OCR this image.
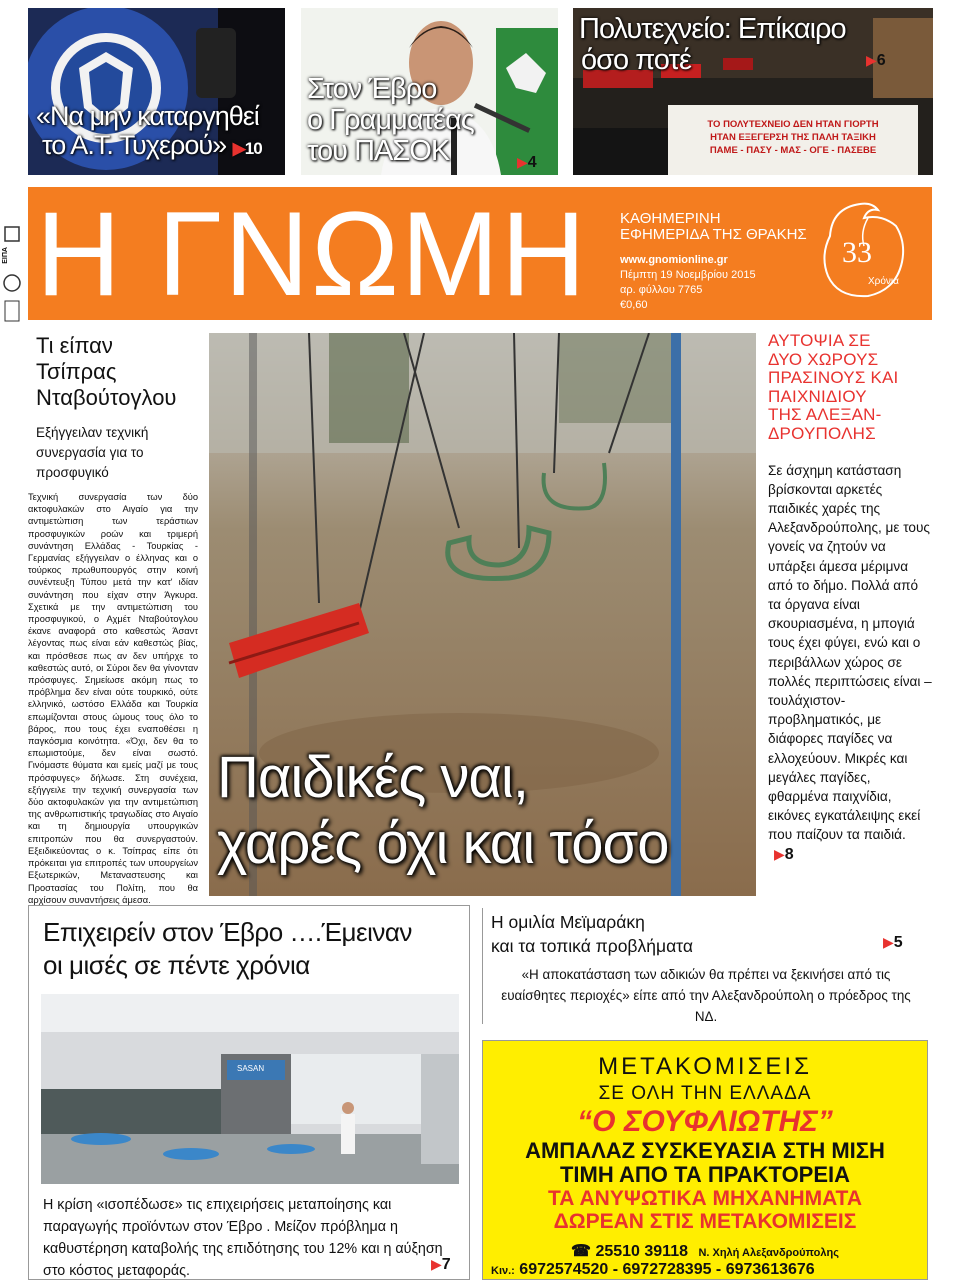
«Να μην καταργηθεί
το Α.Τ. Τυχερού» ▶10
Στον Έβρο
ο Γραμματέας
του ΠΑΣΟΚ	▶4
ΤΟ ΠΟΛΥΤΕΧΝΕΙΟ ΔΕΝ ΗΤΑΝ ΓΙΟΡΤΗ
ΗΤΑΝ ΕΞΕΓΕΡΣΗ ΤΗΣ ΠΑΛΗ ΤΑΞΙΚΗ
ΠΑΜΕ - ΠΑΣΥ - ΜΑΣ - ΟΓΕ - ΠΑΣΕΒΕ
Πολυτεχνείο: Επίκαιρο
όσο ποτέ	▶6
ΕΙΠΑ Η ΓΝΩΜΗ ΚΑΘΗΜΕΡΙΝΗ
ΕΦΗΜΕΡΙΔΑ ΤΗΣ ΘΡΑΚΗΣ
www.gnomionline.gr
Πέμπτη 19 Νοεμβρίου 2015
αρ. φύλλου 7765
€0,60
33
Χρόνια
Τι είπαν
Τσίπρας
Νταβούτογλου
Εξήγγειλαν τεχνική
συνεργασία για το
προσφυγικό
Τεχνική συνεργασία των δύο ακτοφυλακών στο Αιγαίο για την αντιμετώπιση των τεράστιων προσφυγικών ροών και τριμερή συνάντηση Ελλάδας - Τουρκίας - Γερμανίας εξήγγειλαν ο έλληνας και ο τούρκος πρωθυπουργός στην κοινή συνέντευξη Τύπου μετά την κατ' ιδίαν συνάντηση που είχαν στην Άγκυρα. Σχετικά με την αντιμετώπιση του προσφυγικού, ο Αχμέτ Νταβούτογλου έκανε αναφορά στο καθεστώς Άσαντ λέγοντας πως είναι εάν καθεστώς βίας, και πρόσθεσε πως αν δεν υπήρχε το καθεστώς αυτό, οι Σύροι δεν θα γίνονταν πρόσφυγες. Σημείωσε ακόμη πως το πρόβλημα δεν είναι ούτε τουρκικό, ούτε ελληνικό, ωστόσο Ελλάδα και Τουρκία επωμίζονται στους ώμους τους όλο το βάρος, που τους έχει εναποθέσει η παγκόσμια κοινότητα. «Όχι, δεν θα το επωμιστούμε, δεν είναι σωστό. Γινόμαστε θύματα και εμείς μαζί με τους πρόσφυγες» δήλωσε. Στη συνέχεια, εξήγγειλε την τεχνική συνεργασία των δύο ακτοφυλακών για την αντιμετώπιση της ανθρωπιστικής τραγωδίας στο Αιγαίο και τη δημιουργία υπουργικών επιτροπών που θα συνεργαστούν. Εξειδικεύοντας ο κ. Τσίπρας είπε ότι πρόκειται για επιτροπές των υπουργείων Εξωτερικών, Μεταναστευσης και Προστασίας του Πολίτη, που θα αρχίσουν συναντήσεις άμεσα.
Παιδικές ναι,
χαρές όχι και τόσο
ΑΥΤΟΨΙΑ ΣΕ
ΔΥΟ ΧΩΡΟΥΣ
ΠΡΑΣΙΝΟΥΣ ΚΑΙ
ΠΑΙΧΝΙΔΙΟΥ
ΤΗΣ ΑΛΕΞΑΝ-
ΔΡΟΥΠΟΛΗΣ
Σε άσχημη κατάσταση βρίσκονται αρκετές παιδικές χαρές της Αλεξανδρούπολης, με τους γονείς να ζητούν να υπάρξει άμεσα μέριμνα από το δήμο. Πολλά από τα όργανα είναι σκουριασμένα, η μπογιά τους έχει φύγει, ενώ και ο περιβάλλων χώρος σε πολλές περιπτώσεις είναι –τουλάχιστον- προβληματικός, με διάφορες παγίδες να ελλοχεύουν. Μικρές και μεγάλες παγίδες, φθαρμένα παιχνίδια, εικόνες εγκατάλειψης εκεί που παίζουν τα παιδιά. ▶8
Επιχειρείν στον Έβρο ….Έμειναν
οι μισές σε πέντε χρόνια
SASAN
Η κρίση «ισοπέδωσε» τις επιχειρήσεις μεταποίησης και παραγωγής προϊόντων στον Έβρο . Μείζον πρόβλημα η καθυστέρηση καταβολής της επιδότησης του 12% και η αύξηση στο κόστος μεταφοράς.	▶7
Η ομιλία Μεϊμαράκη
και τα τοπικά προβλήματα	▶5
«Η αποκατάσταση των αδικιών θα πρέπει να ξεκινήσει από τις ευαίσθητες περιοχές» είπε από την Αλεξανδρούπολη ο πρόεδρος της ΝΔ.
ΜΕΤΑΚΟΜΙΣΕΙΣ
ΣΕ ΟΛΗ ΤΗΝ ΕΛΛΑΔΑ
“Ο ΣΟΥΦΛΙΩΤΗΣ”
ΑΜΠΑΛΑΖ ΣΥΣΚΕΥΑΣΙΑ ΣΤΗ ΜΙΣΗ
ΤΙΜΗ ΑΠΟ ΤΑ ΠΡΑΚΤΟΡΕΙΑ
ΤΑ ΑΝΥΨΩΤΙΚΑ ΜΗΧΑΝΗΜΑΤΑ
ΔΩΡΕΑΝ ΣΤΙΣ ΜΕΤΑΚΟΜΙΣΕΙΣ
☎ 25510 39118 Ν. Χηλή Αλεξανδρούπολης
Κιν.: 6972574520 - 6972728395 - 6973613676
